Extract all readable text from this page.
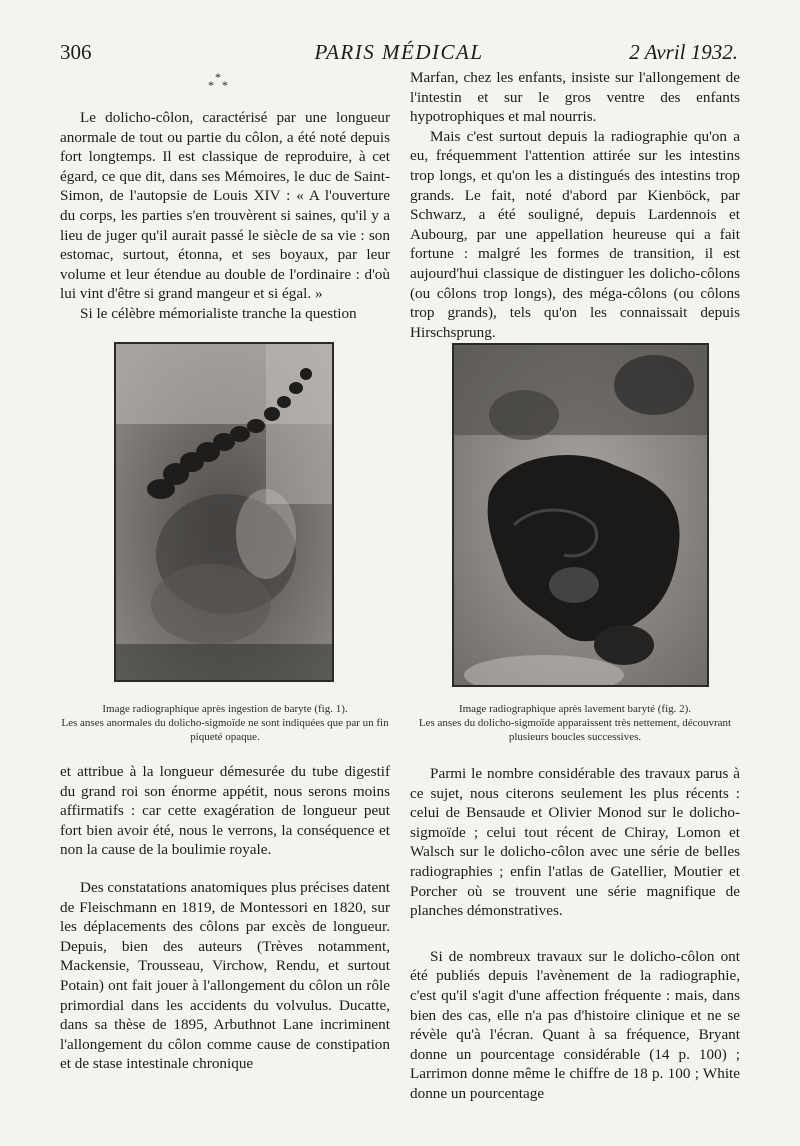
306	PARIS MÉDICAL	2 Avril 1932.
*
* *

Le dolicho-côlon, caractérisé par une longueur anormale de tout ou partie du côlon, a été noté depuis fort longtemps. Il est classique de reproduire, à cet égard, ce que dit, dans ses Mémoires, le duc de Saint-Simon, de l'autopsie de Louis XIV : « A l'ouverture du corps, les parties s'en trouvèrent si saines, qu'il y a lieu de juger qu'il aurait passé le siècle de sa vie : son estomac, surtout, étonna, et ses boyaux, par leur volume et leur étendue au double de l'ordinaire : d'où lui vint d'être si grand mangeur et si égal. »

Si le célèbre mémorialiste tranche la question

Marfan, chez les enfants, insiste sur l'allongement de l'intestin et sur le gros ventre des enfants hypotrophiques et mal nourris.

Mais c'est surtout depuis la radiographie qu'on a eu, fréquemment l'attention attirée sur les intestins trop longs, et qu'on les a distingués des intestins trop grands. Le fait, noté d'abord par Kienböck, par Schwarz, a été souligné, depuis Lardennois et Aubourg, par une appellation heureuse qui a fait fortune : malgré les formes de transition, il est aujourd'hui classique de distinguer les dolicho-côlons (ou côlons trop longs), des méga-côlons (ou côlons trop grands), tels qu'on les connaissait depuis Hirschsprung.

Image radiographique après ingestion de baryte (fig. 1).
Les anses anormales du dolicho-sigmoïde ne sont indiquées que par un fin piqueté opaque.
Image radiographique après lavement baryté (fig. 2).
Les anses du dolicho-sigmoïde apparaissent très nettement, découvrant plusieurs boucles successives.

et attribue à la longueur démesurée du tube digestif du grand roi son énorme appétit, nous serons moins affirmatifs : car cette exagération de longueur peut fort bien avoir été, nous le verrons, la conséquence et non la cause de la boulimie royale.

Des constatations anatomiques plus précises datent de Fleischmann en 1819, de Montessori en 1820, sur les déplacements des côlons par excès de longueur. Depuis, bien des auteurs (Trèves notamment, Mackensie, Trousseau, Virchow, Rendu, et surtout Potain) ont fait jouer à l'allongement du côlon un rôle primordial dans les accidents du volvulus. Ducatte, dans sa thèse de 1895, Arbuthnot Lane incriminent l'allongement du côlon comme cause de constipation et de stase intestinale chronique

Parmi le nombre considérable des travaux parus à ce sujet, nous citerons seulement les plus récents : celui de Bensaude et Olivier Monod sur le dolicho-sigmoïde ; celui tout récent de Chiray, Lomon et Walsch sur le dolicho-côlon avec une série de belles radiographies ; enfin l'atlas de Gatellier, Moutier et Porcher où se trouvent une série magnifique de planches démonstratives.

Si de nombreux travaux sur le dolicho-côlon ont été publiés depuis l'avènement de la radiographie, c'est qu'il s'agit d'une affection fréquente : mais, dans bien des cas, elle n'a pas d'histoire clinique et ne se révèle qu'à l'écran. Quant à sa fréquence, Bryant donne un pourcentage considérable (14 p. 100) ; Larrimon donne même le chiffre de 18 p. 100 ; White donne un pourcentage
